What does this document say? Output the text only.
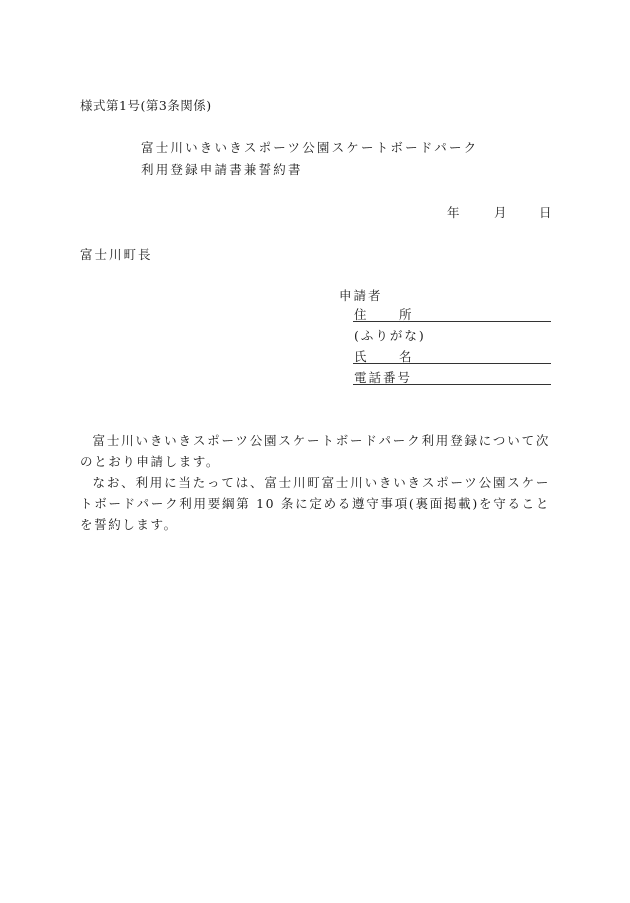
様式第1号(第3条関係)
富士川いきいきスポーツ公園スケートボードパーク
利用登録申請書兼誓約書
年	月	日
富士川町長
申請者
住	所
(ふりがな)
氏	名
電話番号

富士川いきいきスポーツ公園スケートボードパーク利用登録について次のとおり申請します。

なお、利用に当たっては、富士川町富士川いきいきスポーツ公園スケートボードパーク利用要綱第 10 条に定める遵守事項(裏面掲載)を守ることを誓約します。
